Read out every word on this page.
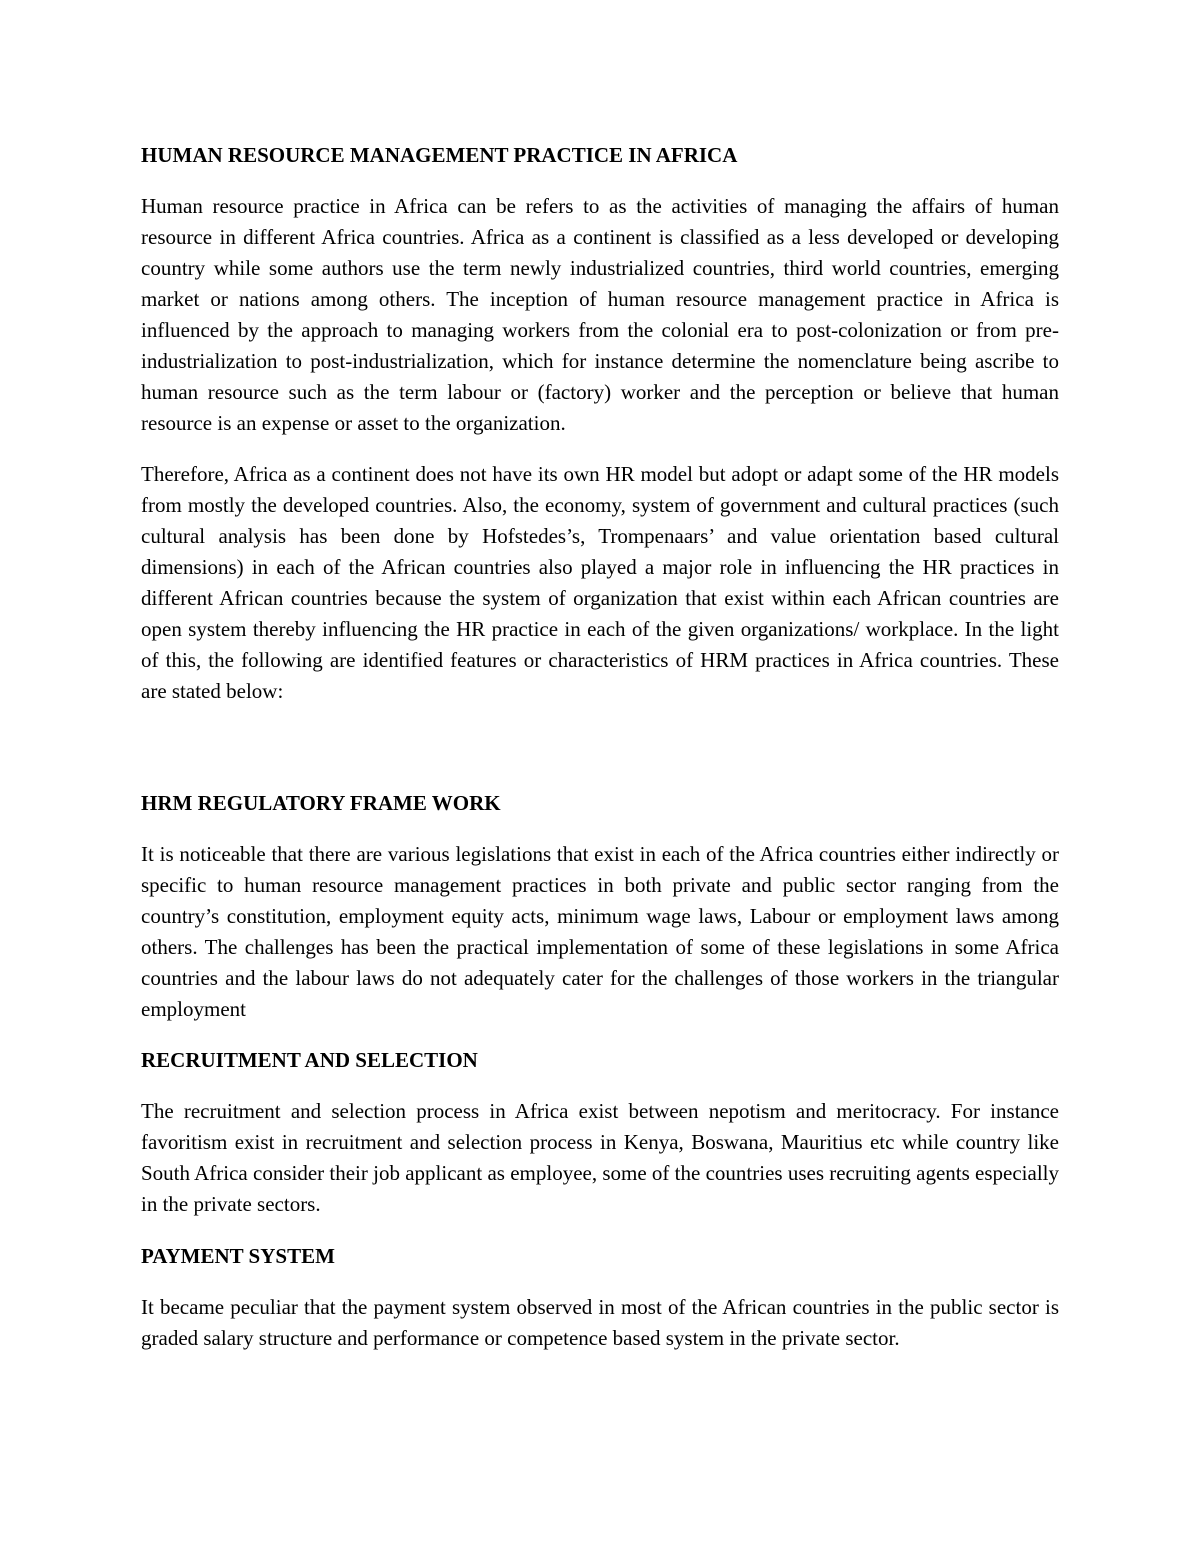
HUMAN RESOURCE MANAGEMENT PRACTICE IN AFRICA

Human resource practice in Africa can be refers to as the activities of managing the affairs of human resource in different Africa countries. Africa as a continent is classified as a less developed or developing country while some authors use the term newly industrialized countries, third world countries, emerging market or nations among others. The inception of human resource management practice in Africa is influenced by the approach to managing workers from the colonial era to post-colonization or from pre-industrialization to post-industrialization, which for instance determine the nomenclature being ascribe to human resource such as the term labour or (factory) worker and the perception or believe that human resource is an expense or asset to the organization.

Therefore, Africa as a continent does not have its own HR model but adopt or adapt some of the HR models from mostly the developed countries. Also, the economy, system of government and cultural practices (such cultural analysis has been done by Hofstedes’s, Trompenaars’ and value orientation based cultural dimensions) in each of the African countries also played a major role in influencing the HR practices in different African countries because the system of organization that exist within each African countries are open system thereby influencing the HR practice in each of the given organizations/ workplace. In the light of this, the following are identified features or characteristics of HRM practices in Africa countries. These are stated below:

HRM REGULATORY FRAME WORK

It is noticeable that there are various legislations that exist in each of the Africa countries either indirectly or specific to human resource management practices in both private and public sector ranging from the country’s constitution, employment equity acts, minimum wage laws, Labour or employment laws among others. The challenges has been the practical implementation of some of these legislations in some Africa countries and the labour laws do not adequately cater for the challenges of those workers in the triangular employment

RECRUITMENT AND SELECTION

The recruitment and selection process in Africa exist between nepotism and meritocracy. For instance favoritism exist in recruitment and selection process in Kenya, Boswana, Mauritius etc while country like South Africa consider their job applicant as employee, some of the countries uses recruiting agents especially in the private sectors.

PAYMENT SYSTEM

It became peculiar that the payment system observed in most of the African countries in the public sector is graded salary structure and performance or competence based system in the private sector.
